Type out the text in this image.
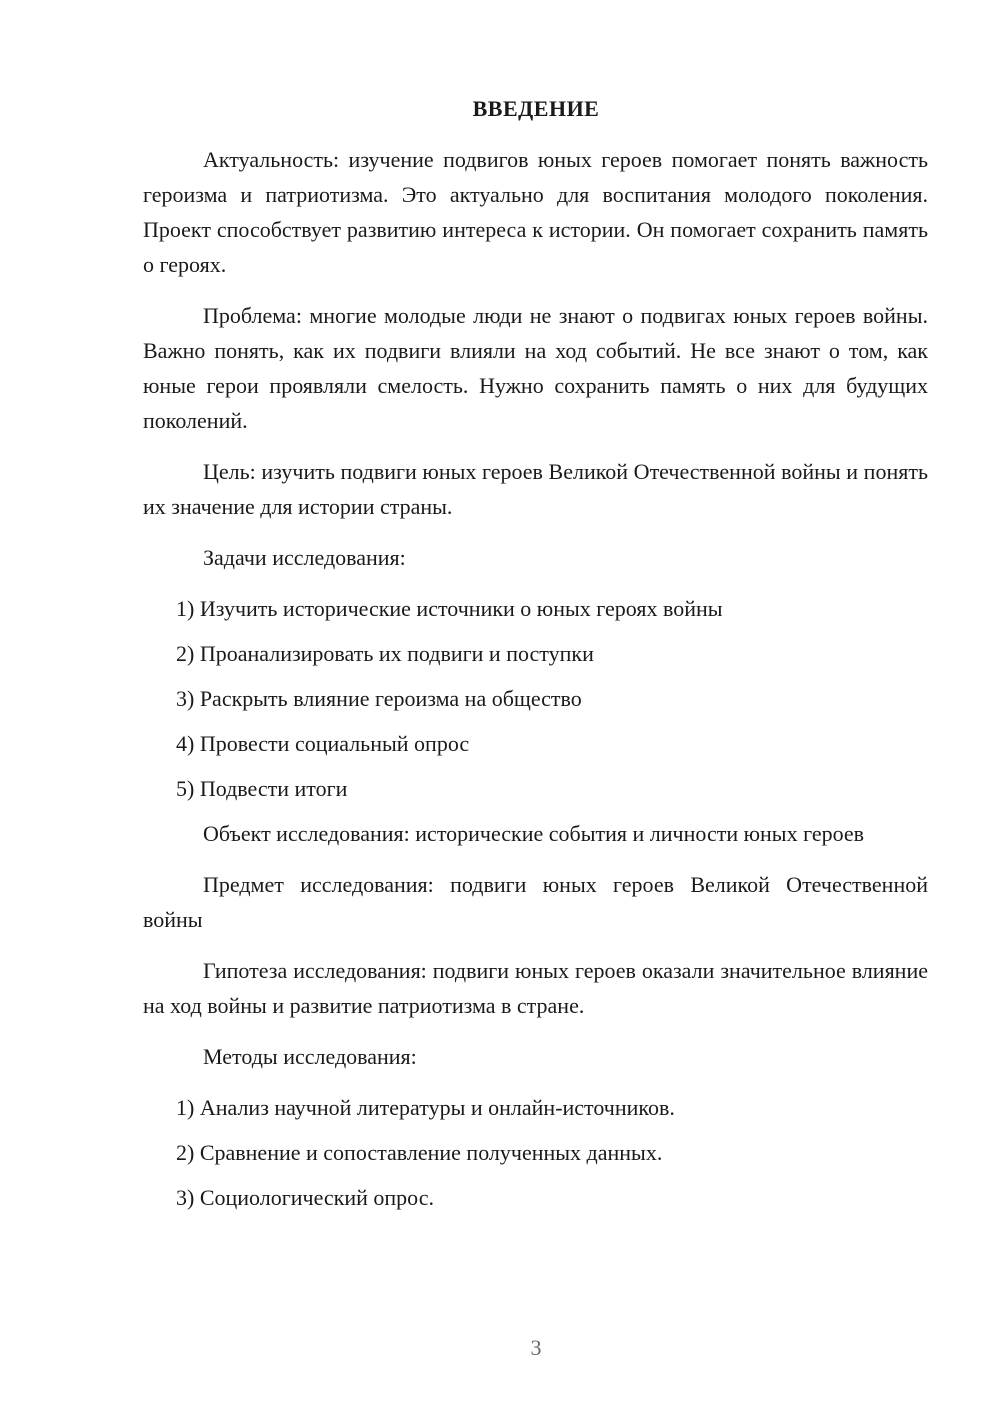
ВВЕДЕНИЕ

Актуальность: изучение подвигов юных героев помогает понять важность героизма и патриотизма. Это актуально для воспитания молодого поколения. Проект способствует развитию интереса к истории. Он помогает сохранить память о героях.

Проблема: многие молодые люди не знают о подвигах юных героев войны. Важно понять, как их подвиги влияли на ход событий. Не все знают о том, как юные герои проявляли смелость. Нужно сохранить память о них для будущих поколений.

Цель: изучить подвиги юных героев Великой Отечественной войны и понять их значение для истории страны.

Задачи исследования:

1) Изучить исторические источники о юных героях войны
2) Проанализировать их подвиги и поступки
3) Раскрыть влияние героизма на общество
4) Провести социальный опрос
5) Подвести итоги

Объект исследования: исторические события и личности юных героев

Предмет исследования: подвиги юных героев Великой Отечественной войны

Гипотеза исследования: подвиги юных героев оказали значительное влияние на ход войны и развитие патриотизма в стране.

Методы исследования:

1) Анализ научной литературы и онлайн-источников.
2) Сравнение и сопоставление полученных данных.
3) Социологический опрос.
3
